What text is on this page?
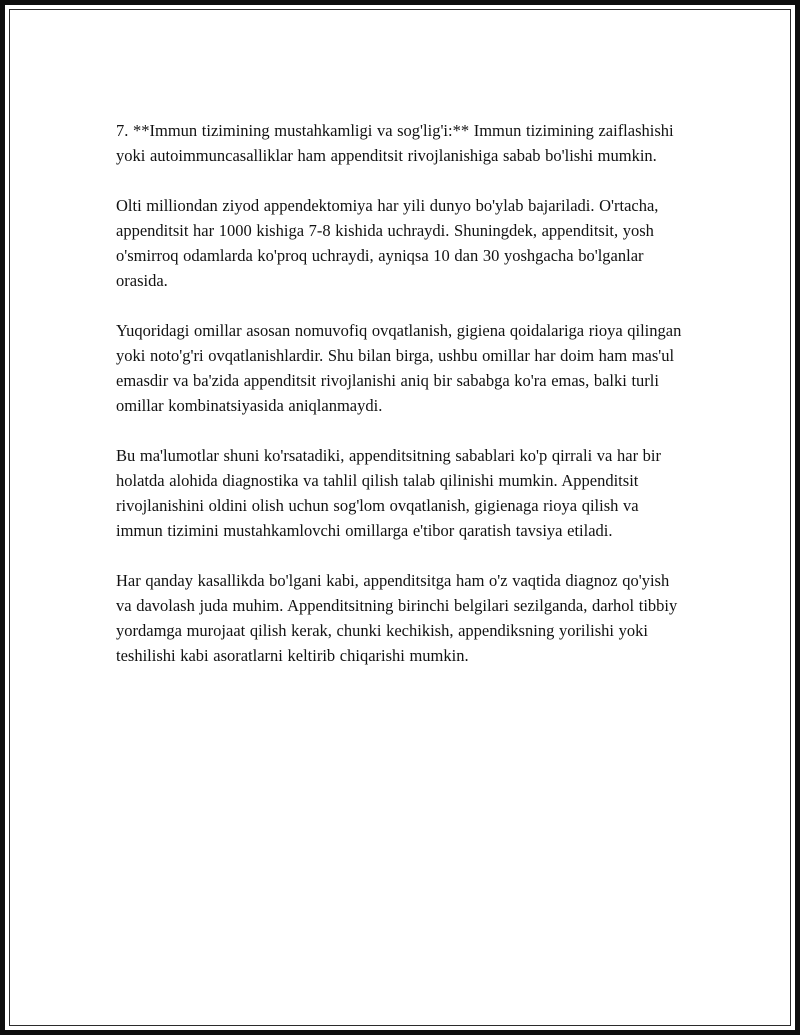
7. **Immun tizimining mustahkamligi va sog'lig'i:** Immun tizimining zaiflashishi yoki autoimmuncasalliklar ham appenditsit rivojlanishiga sabab bo'lishi mumkin.

Olti milliondan ziyod appendektomiya har yili dunyo bo'ylab bajariladi. O'rtacha, appenditsit har 1000 kishiga 7-8 kishida uchraydi. Shuningdek, appenditsit, yosh o'smirroq odamlarda ko'proq uchraydi, ayniqsa 10 dan 30 yoshgacha bo'lganlar orasida.

Yuqoridagi omillar asosan nomuvofiq ovqatlanish, gigiena qoidalariga rioya qilingan yoki noto'g'ri ovqatlanishlardir. Shu bilan birga, ushbu omillar har doim ham mas'ul emasdir va ba'zida appenditsit rivojlanishi aniq bir sababga ko'ra emas, balki turli omillar kombinatsiyasida aniqlanmaydi.

Bu ma'lumotlar shuni ko'rsatadiki, appenditsitning sabablari ko'p qirrali va har bir holatda alohida diagnostika va tahlil qilish talab qilinishi mumkin. Appenditsit rivojlanishini oldini olish uchun sog'lom ovqatlanish, gigienaga rioya qilish va immun tizimini mustahkamlovchi omillarga e'tibor qaratish tavsiya etiladi.

Har qanday kasallikda bo'lgani kabi, appenditsitga ham o'z vaqtida diagnoz qo'yish va davolash juda muhim. Appenditsitning birinchi belgilari sezilganda, darhol tibbiy yordamga murojaat qilish kerak, chunki kechikish, appendiksning yorilishi yoki teshilishi kabi asoratlarni keltirib chiqarishi mumkin.
